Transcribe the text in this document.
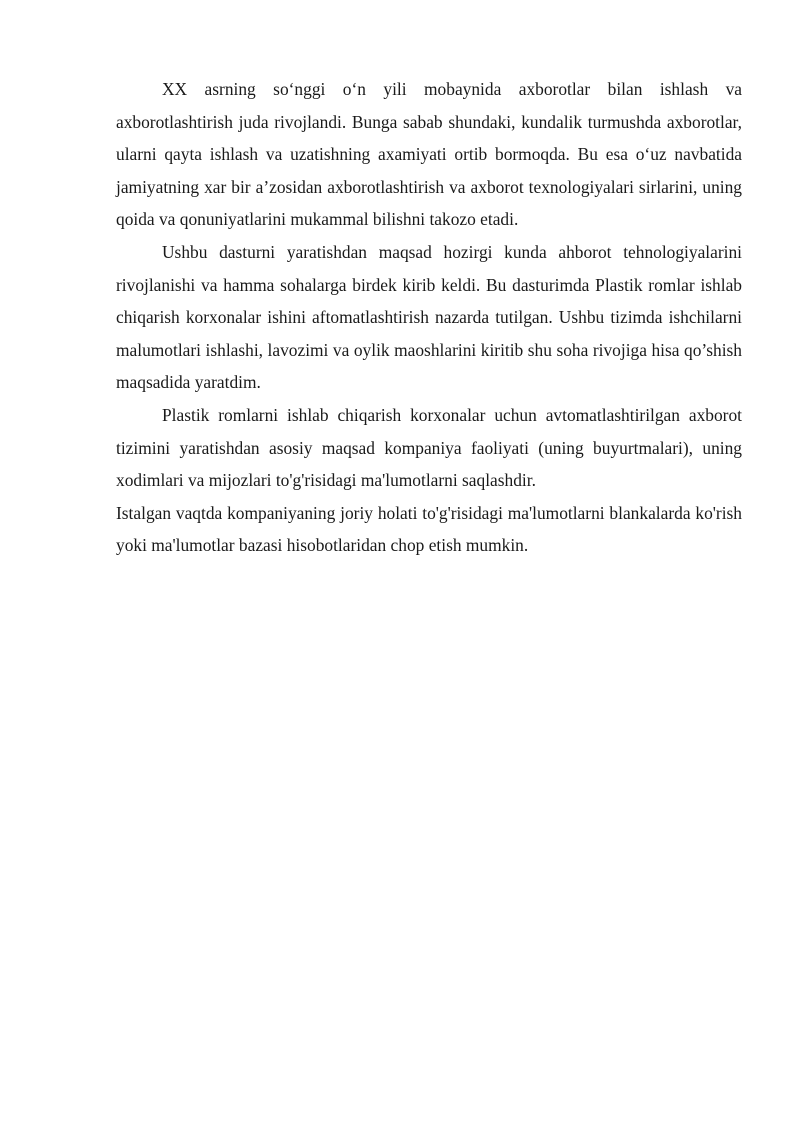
XX asrning so‘nggi o‘n yili mobaynida axborotlar bilan ishlash va axborotlashtirish juda rivojlandi. Bunga sabab shundaki, kundalik turmushda axborotlar, ularni qayta ishlash va uzatishning axamiyati ortib bormoqda. Bu esa o‘uz navbatida jamiyatning xar bir a’zosidan axborotlashtirish va axborot texnologiyalari sirlarini, uning qoida va qonuniyatlarini mukammal bilishni takozo etadi.

Ushbu dasturni yaratishdan maqsad hozirgi kunda ahborot tehnologiyalarini rivojlanishi va hamma sohalarga birdek kirib keldi. Bu dasturimda Plastik romlar ishlab chiqarish korxonalar ishini aftomatlashtirish nazarda tutilgan. Ushbu tizimda ishchilarni malumotlari ishlashi, lavozimi va oylik maoshlarini kiritib shu soha rivojiga hisa qo’shish maqsadida yaratdim.

Plastik romlarni ishlab chiqarish korxonalar uchun avtomatlashtirilgan axborot tizimini yaratishdan asosiy maqsad kompaniya faoliyati (uning buyurtmalari), uning xodimlari va mijozlari to'g'risidagi ma'lumotlarni saqlashdir.

Istalgan vaqtda kompaniyaning joriy holati to'g'risidagi ma'lumotlarni blankalarda ko'rish yoki ma'lumotlar bazasi hisobotlaridan chop etish mumkin.
